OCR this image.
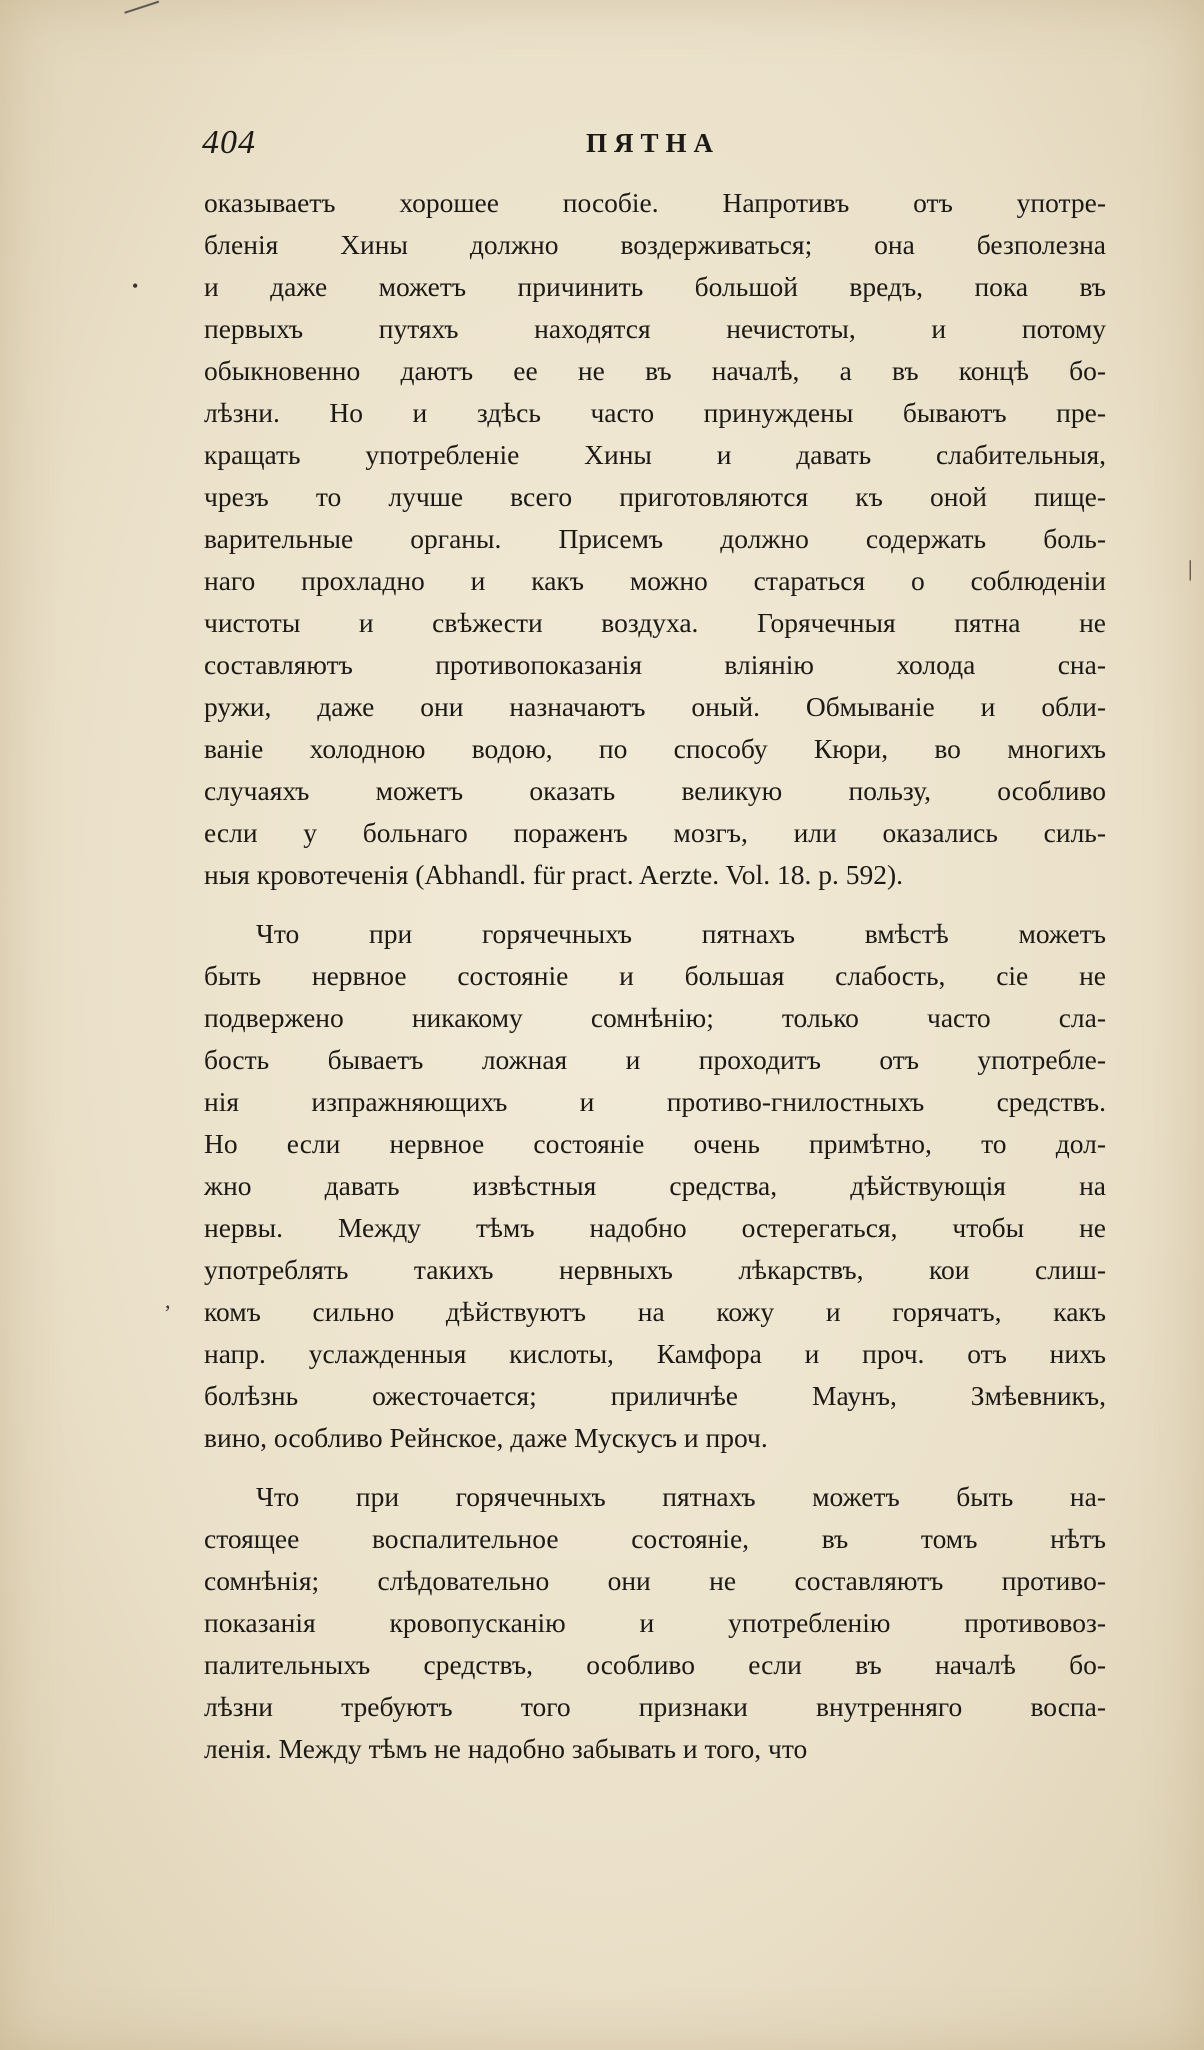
404	ПЯТНА
оказываетъ хорошее пособіе. Напротивъ отъ употре-
бленія Хины должно воздерживаться; она безполезна
и даже можетъ причинить большой вредъ, пока въ
первыхъ путяхъ находятся нечистоты, и потому
обыкновенно даютъ ее не въ началѣ, а въ концѣ бо-
лѣзни. Но и здѣсь часто принуждены бываютъ пре-
кращать употребленіе Хины и давать слабительныя,
чрезъ то лучше всего приготовляются къ оной пище-
варительные органы. Присемъ должно содержать боль-
наго прохладно и какъ можно стараться о соблюденіи
чистоты и свѣжести воздуха. Горячечныя пятна не
составляютъ противопоказанія вліянію холода сна-
ружи, даже они назначаютъ оный. Обмываніе и обли-
ваніе холодною водою, по способу Кюри, во многихъ
случаяхъ можетъ оказать великую пользу, особливо
если у больнаго пораженъ мозгъ, или оказались силь-
ныя кровотеченія (Abhandl. für pract. Aerzte. Vol. 18. p. 592).
Что при горячечныхъ пятнахъ вмѣстѣ можетъ
быть нервное состояніе и большая слабость, сіе не
подвержено никакому сомнѣнію; только часто сла-
бость бываетъ ложная и проходитъ отъ употребле-
нія изпражняющихъ и противо-гнилостныхъ средствъ.
Но если нервное состояніе очень примѣтно, то дол-
жно давать извѣстныя средства, дѣйствующія на
нервы. Между тѣмъ надобно остерегаться, чтобы не
употреблять такихъ нервныхъ лѣкарствъ, кои слиш-
комъ сильно дѣйствуютъ на кожу и горячатъ, какъ
напр. услажденныя кислоты, Камфора и проч. отъ нихъ
болѣзнь ожесточается; приличнѣе Маунъ, Змѣевникъ,
вино, особливо Рейнское, даже Мускусъ и проч.
Что при горячечныхъ пятнахъ можетъ быть на-
стоящее воспалительное состояніе, въ томъ нѣтъ
сомнѣнія; слѣдовательно они не составляютъ противо-
показанія кровопусканію и употребленію противовоз-
палительныхъ средствъ, особливо если въ началѣ бо-
лѣзни требуютъ того признаки внутренняго воспа-
ленія. Между тѣмъ не надобно забывать и того, что
•
|
,
